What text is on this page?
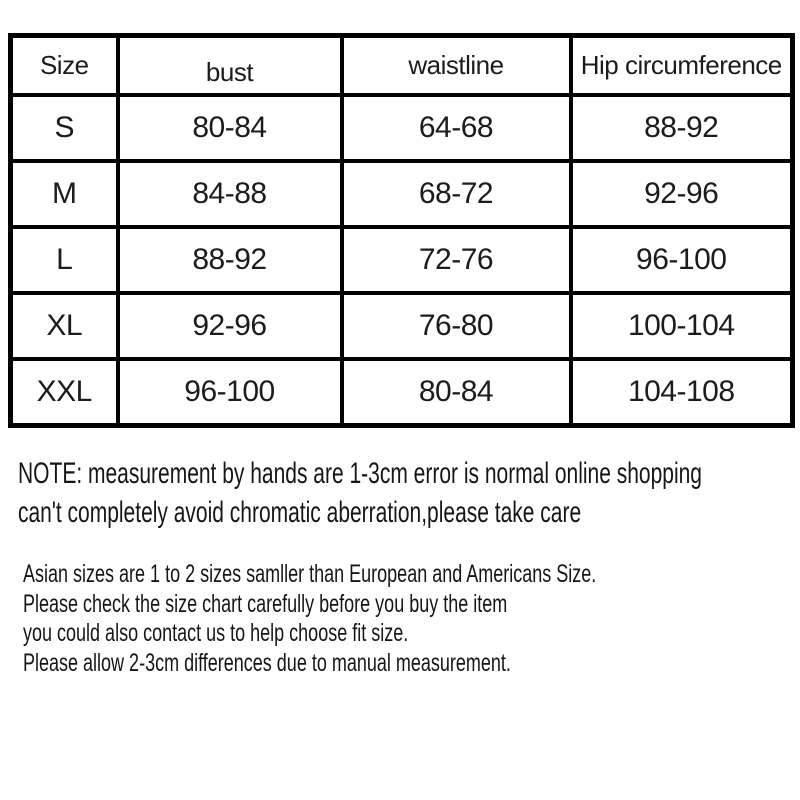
Size	bust	waistline	Hip circumference
S	80-84	64-68	88-92
M	84-88	68-72	92-96
L	88-92	72-76	96-100
XL	92-96	76-80	100-104
XXL	96-100	80-84	104-108
NOTE: measurement by hands are 1-3cm error is normal online shopping
can't completely avoid chromatic aberration,please take care
Asian sizes are 1 to 2 sizes samller than European and Americans Size.
Please check the size chart carefully before you buy the item
you could also contact us to help choose fit size.
Please allow 2-3cm differences due to manual measurement.
